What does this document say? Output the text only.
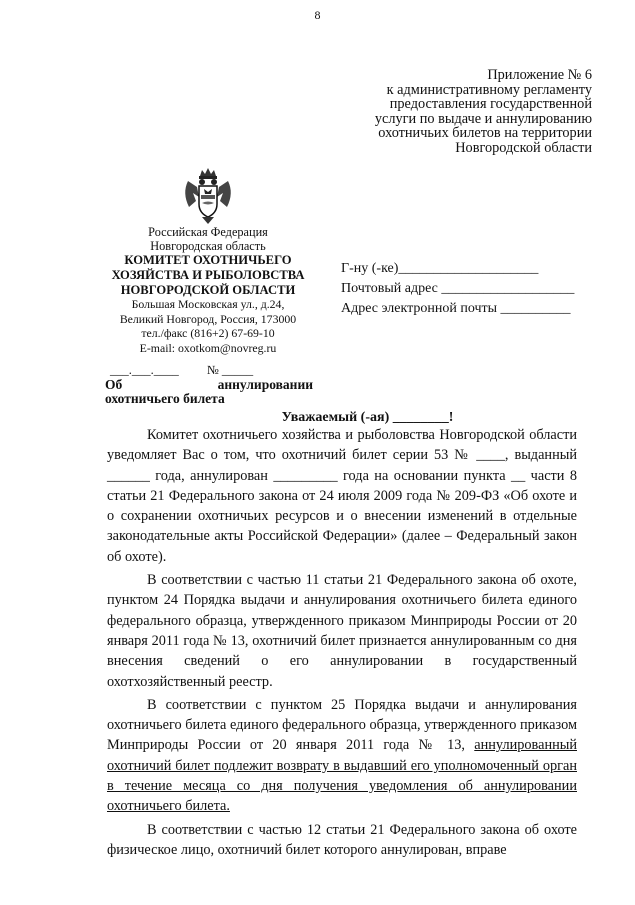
8
Приложение № 6
к административному регламенту
предоставления государственной
услуги по выдаче и аннулированию
охотничьих билетов на территории
Новгородской области
Российская Федерация
Новгородская область
КОМИТЕТ ОХОТНИЧЬЕГО
ХОЗЯЙСТВА И РЫБОЛОВСТВА
НОВГОРОДСКОЙ ОБЛАСТИ
Большая Московская ул., д.24,
Великий Новгород, Россия, 173000
тел./факс (816+2) 67-69-10
E-mail: oxotkom@novreg.ru
Г-ну (-ке)____________________
Почтовый адрес ___________________
Адрес электронной почты __________
___.___.____         № _____
Об	аннулировании
охотничьего билета
Уважаемый (-ая) ________!

Комитет охотничьего хозяйства и рыболовства Новгородской области уведомляет Вас о том, что охотничий билет серии 53 № ____, выданный ______ года, аннулирован _________ года на основании пункта __ части 8 статьи 21 Федерального закона от 24 июля 2009 года № 209-ФЗ «Об охоте и о сохранении охотничьих ресурсов и о внесении изменений в отдельные законодательные акты Российской Федерации» (далее – Федеральный закон об охоте).

В соответствии с частью 11 статьи 21 Федерального закона об охоте, пунктом 24 Порядка выдачи и аннулирования охотничьего билета единого федерального образца, утвержденного приказом Минприроды России от 20 января 2011 года № 13, охотничий билет признается аннулированным со дня внесения сведений о его аннулировании в государственный охотхозяйственный реестр.

В соответствии с пунктом 25 Порядка выдачи и аннулирования охотничьего билета единого федерального образца, утвержденного приказом Минприроды России от 20 января 2011 года № 13, аннулированный охотничий билет подлежит возврату в выдавший его уполномоченный орган в течение месяца со дня получения уведомления об аннулировании охотничьего билета.

В соответствии с частью 12 статьи 21 Федерального закона об охоте физическое лицо, охотничий билет которого аннулирован, вправе
